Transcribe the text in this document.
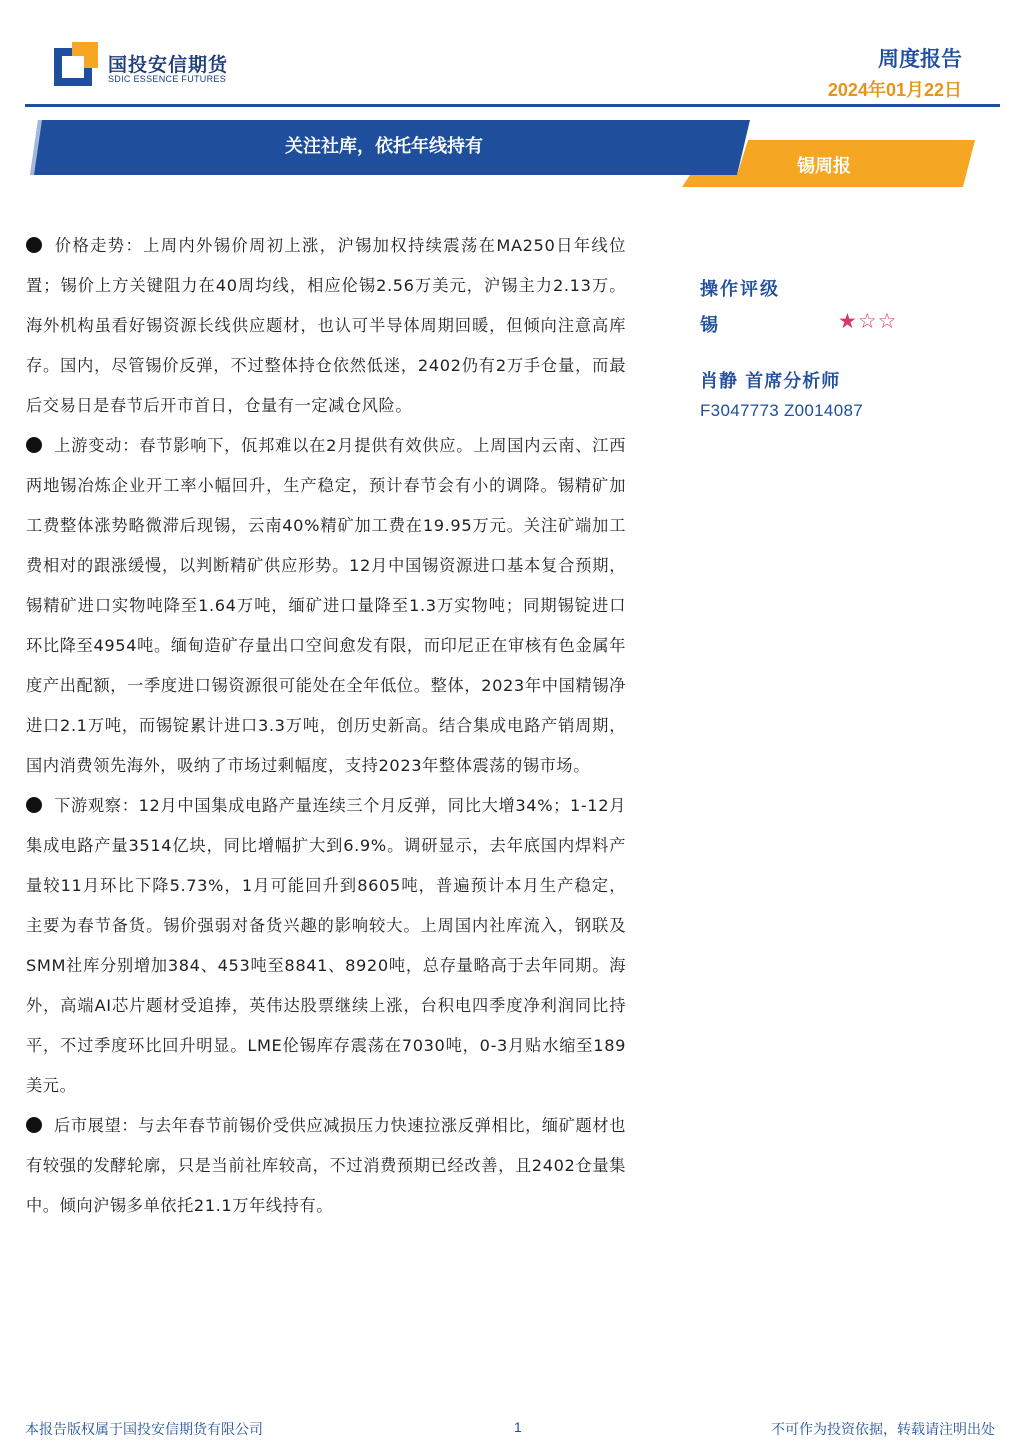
国投安信期货
SDIC ESSENCE FUTURES
周度报告
2024年01月22日
关注社库，依托年线持有
锡周报

价格走势：上周内外锡价周初上涨，沪锡加权持续震荡在MA250日年线位置；锡价上方关键阻力在40周均线，相应伦锡2.56万美元，沪锡主力2.13万。海外机构虽看好锡资源长线供应题材，也认可半导体周期回暖，但倾向注意高库存。国内，尽管锡价反弹，不过整体持仓依然低迷，2402仍有2万手仓量，而最后交易日是春节后开市首日，仓量有一定减仓风险。

上游变动：春节影响下，佤邦难以在2月提供有效供应。上周国内云南、江西两地锡冶炼企业开工率小幅回升，生产稳定，预计春节会有小的调降。锡精矿加工费整体涨势略微滞后现锡，云南40%精矿加工费在19.95万元。关注矿端加工费相对的跟涨缓慢，以判断精矿供应形势。12月中国锡资源进口基本复合预期，锡精矿进口实物吨降至1.64万吨，缅矿进口量降至1.3万实物吨；同期锡锭进口环比降至4954吨。缅甸造矿存量出口空间愈发有限，而印尼正在审核有色金属年度产出配额，一季度进口锡资源很可能处在全年低位。整体，2023年中国精锡净进口2.1万吨，而锡锭累计进口3.3万吨，创历史新高。结合集成电路产销周期，国内消费领先海外，吸纳了市场过剩幅度，支持2023年整体震荡的锡市场。

下游观察：12月中国集成电路产量连续三个月反弹，同比大增34%；1-12月集成电路产量3514亿块，同比增幅扩大到6.9%。调研显示，去年底国内焊料产量较11月环比下降5.73%，1月可能回升到8605吨，普遍预计本月生产稳定，主要为春节备货。锡价强弱对备货兴趣的影响较大。上周国内社库流入，钢联及SMM社库分别增加384、453吨至8841、8920吨，总存量略高于去年同期。海外，高端AI芯片题材受追捧，英伟达股票继续上涨，台积电四季度净利润同比持平，不过季度环比回升明显。LME伦锡库存震荡在7030吨，0-3月贴水缩至189美元。

后市展望：与去年春节前锡价受供应减损压力快速拉涨反弹相比，缅矿题材也有较强的发酵轮廓，只是当前社库较高，不过消费预期已经改善，且2402仓量集中。倾向沪锡多单依托21.1万年线持有。

操作评级
锡	★☆☆
肖静 首席分析师
F3047773 Z0014087
本报告版权属于国投安信期货有限公司	1	不可作为投资依据，转载请注明出处
